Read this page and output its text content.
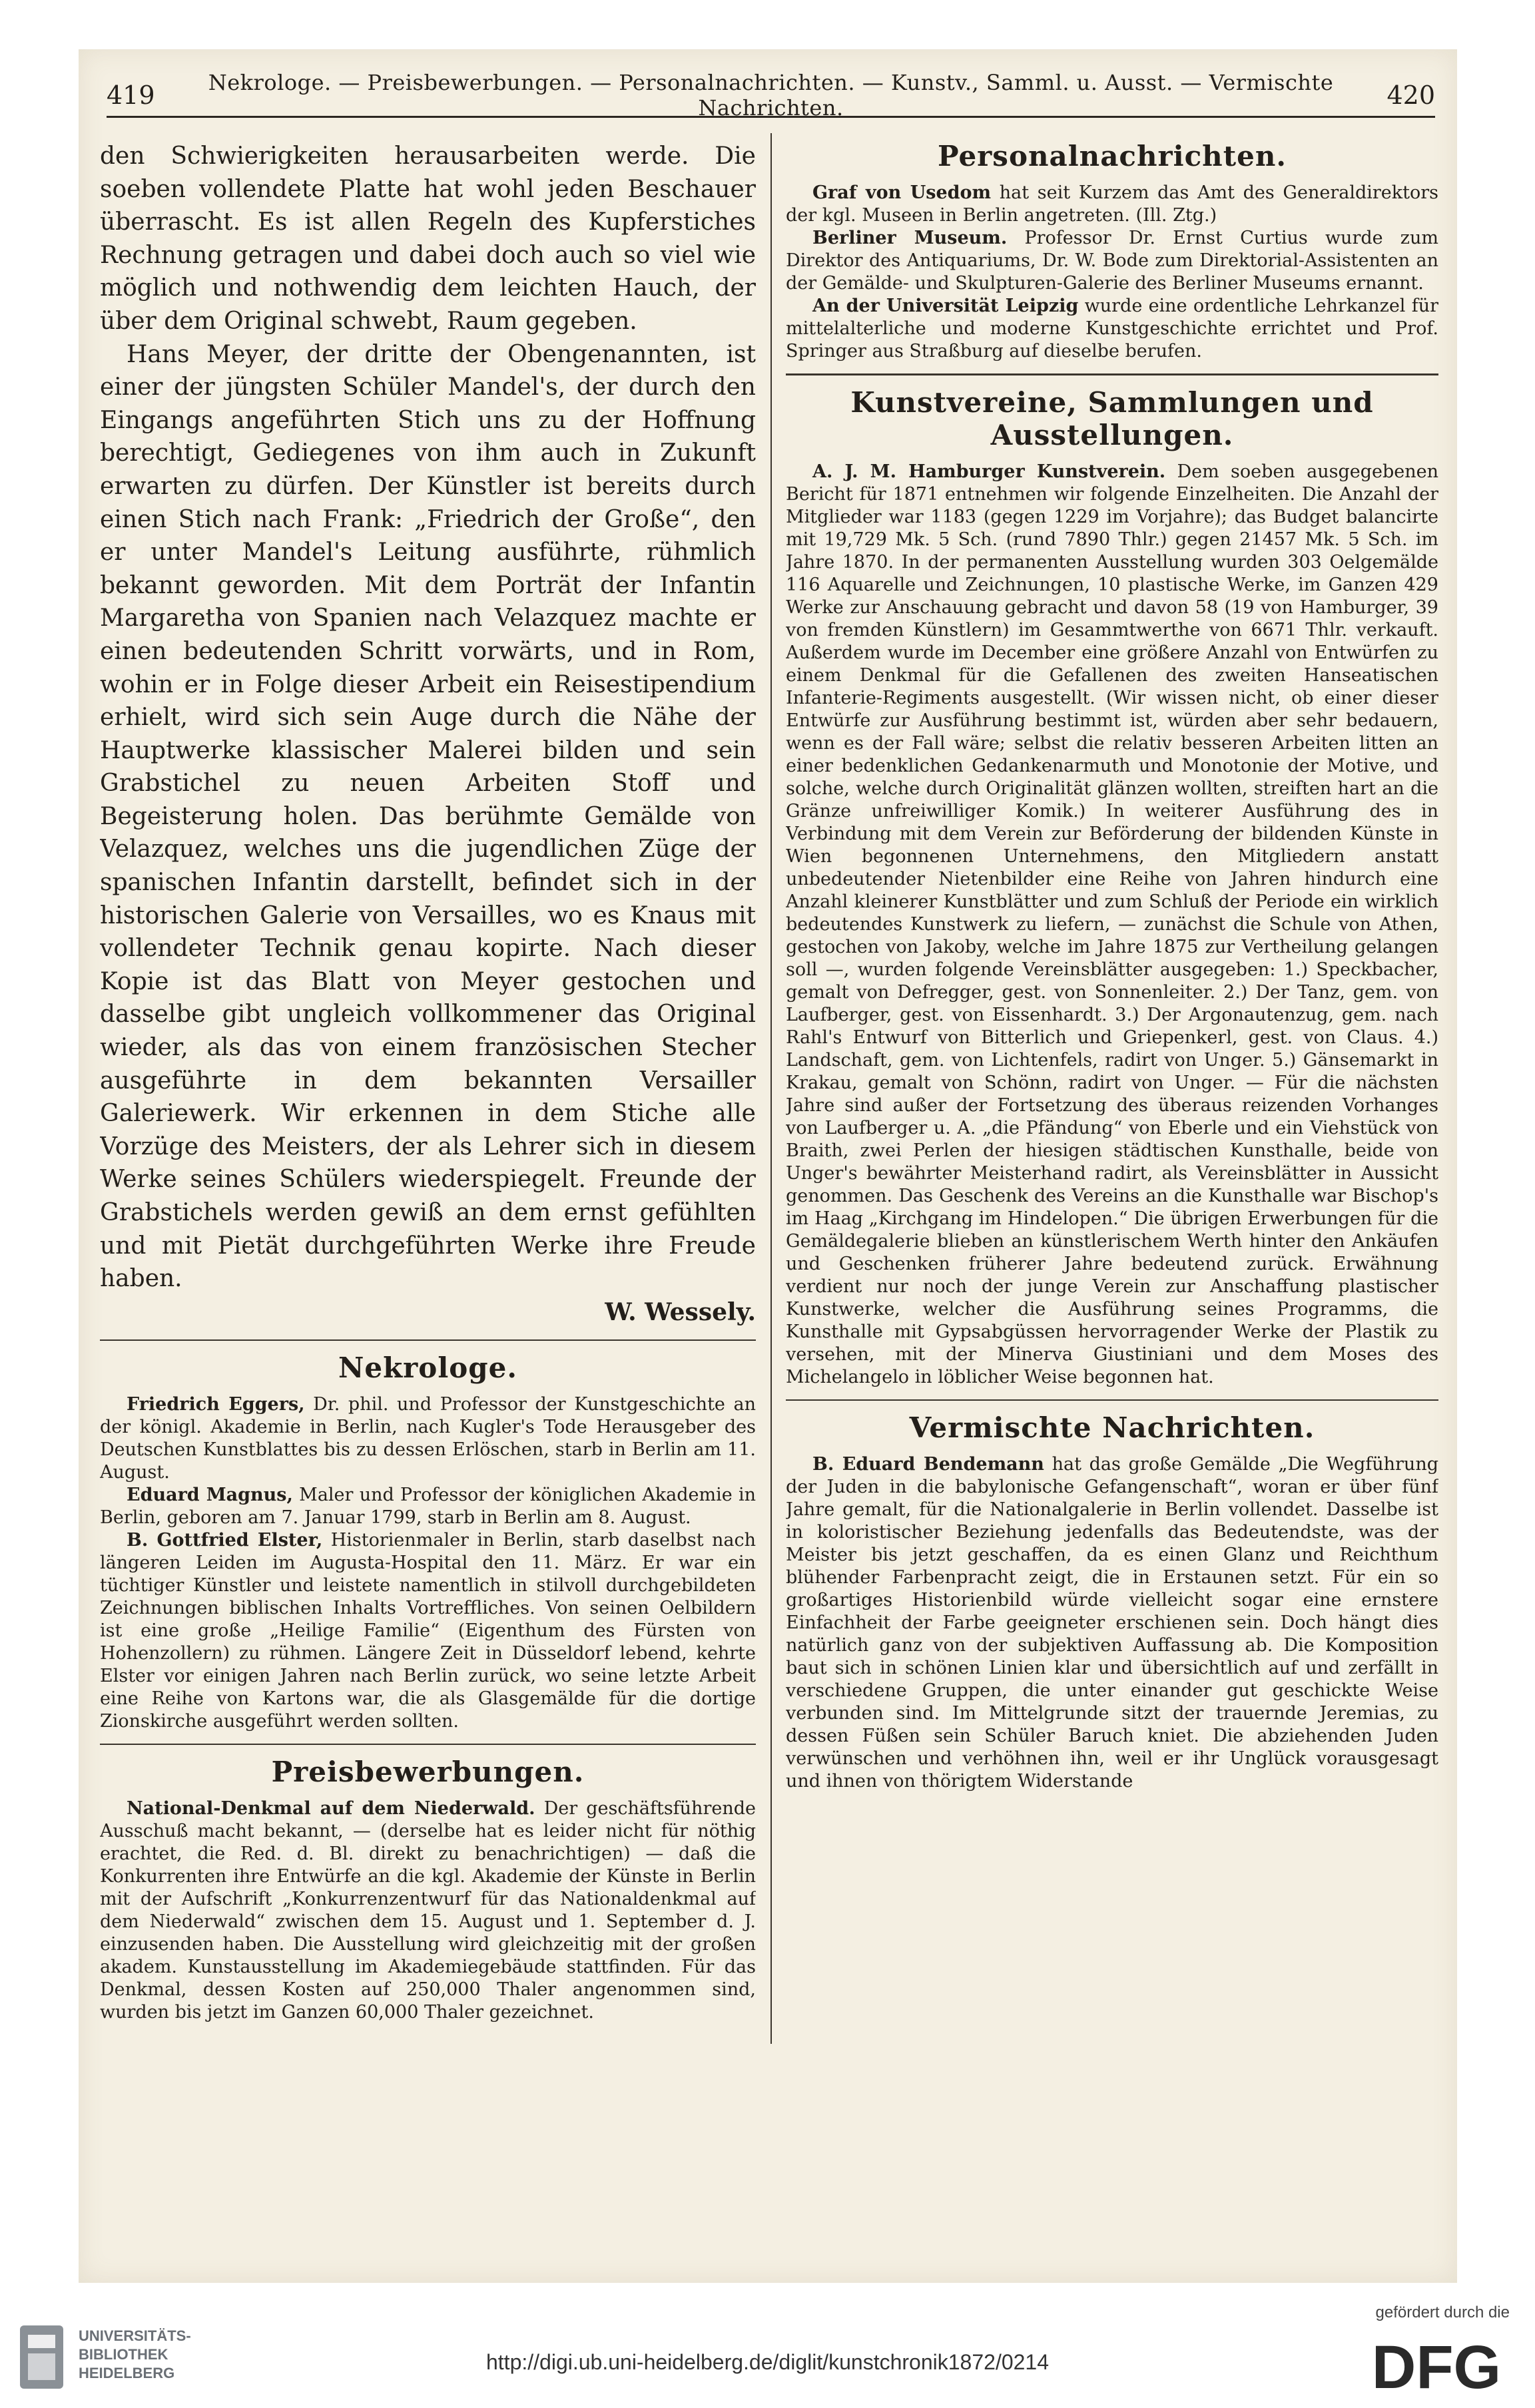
419	Nekrologe. — Preisbewerbungen. — Personalnachrichten. — Kunstv., Samml. u. Ausst. — Vermischte Nachrichten.	420

den Schwierigkeiten herausarbeiten werde. Die soeben vollendete Platte hat wohl jeden Beschauer überrascht. Es ist allen Regeln des Kupferstiches Rechnung getragen und dabei doch auch so viel wie möglich und nothwendig dem leichten Hauch, der über dem Original schwebt, Raum gegeben.

Hans Meyer, der dritte der Obengenannten, ist einer der jüngsten Schüler Mandel's, der durch den Eingangs angeführten Stich uns zu der Hoffnung berechtigt, Gediegenes von ihm auch in Zukunft erwarten zu dürfen. Der Künstler ist bereits durch einen Stich nach Frank: „Friedrich der Große“, den er unter Mandel's Leitung ausführte, rühmlich bekannt geworden. Mit dem Porträt der Infantin Margaretha von Spanien nach Velazquez machte er einen bedeutenden Schritt vorwärts, und in Rom, wohin er in Folge dieser Arbeit ein Reisestipendium erhielt, wird sich sein Auge durch die Nähe der Hauptwerke klassischer Malerei bilden und sein Grabstichel zu neuen Arbeiten Stoff und Begeisterung holen. Das berühmte Gemälde von Velazquez, welches uns die jugendlichen Züge der spanischen Infantin darstellt, befindet sich in der historischen Galerie von Versailles, wo es Knaus mit vollendeter Technik genau kopirte. Nach dieser Kopie ist das Blatt von Meyer gestochen und dasselbe gibt ungleich vollkommener das Original wieder, als das von einem französischen Stecher ausgeführte in dem bekannten Versailler Galeriewerk. Wir erkennen in dem Stiche alle Vorzüge des Meisters, der als Lehrer sich in diesem Werke seines Schülers wiederspiegelt. Freunde der Grabstichels werden gewiß an dem ernst gefühlten und mit Pietät durchgeführten Werke ihre Freude haben.

W. Wessely.

Nekrologe.

Friedrich Eggers, Dr. phil. und Professor der Kunstgeschichte an der königl. Akademie in Berlin, nach Kugler's Tode Herausgeber des Deutschen Kunstblattes bis zu dessen Erlöschen, starb in Berlin am 11. August.

Eduard Magnus, Maler und Professor der königlichen Akademie in Berlin, geboren am 7. Januar 1799, starb in Berlin am 8. August.

B. Gottfried Elster, Historienmaler in Berlin, starb daselbst nach längeren Leiden im Augusta-Hospital den 11. März. Er war ein tüchtiger Künstler und leistete namentlich in stilvoll durchgebildeten Zeichnungen biblischen Inhalts Vortreffliches. Von seinen Oelbildern ist eine große „Heilige Familie“ (Eigenthum des Fürsten von Hohenzollern) zu rühmen. Längere Zeit in Düsseldorf lebend, kehrte Elster vor einigen Jahren nach Berlin zurück, wo seine letzte Arbeit eine Reihe von Kartons war, die als Glasgemälde für die dortige Zionskirche ausgeführt werden sollten.

Preisbewerbungen.

National-Denkmal auf dem Niederwald. Der geschäftsführende Ausschuß macht bekannt, — (derselbe hat es leider nicht für nöthig erachtet, die Red. d. Bl. direkt zu benachrichtigen) — daß die Konkurrenten ihre Entwürfe an die kgl. Akademie der Künste in Berlin mit der Aufschrift „Konkurrenzentwurf für das Nationaldenkmal auf dem Niederwald“ zwischen dem 15. August und 1. September d. J. einzusenden haben. Die Ausstellung wird gleichzeitig mit der großen akadem. Kunstausstellung im Akademiegebäude stattfinden. Für das Denkmal, dessen Kosten auf 250,000 Thaler angenommen sind, wurden bis jetzt im Ganzen 60,000 Thaler gezeichnet.

Personalnachrichten.

Graf von Usedom hat seit Kurzem das Amt des Generaldirektors der kgl. Museen in Berlin angetreten. (Ill. Ztg.)

Berliner Museum. Professor Dr. Ernst Curtius wurde zum Direktor des Antiquariums, Dr. W. Bode zum Direktorial-Assistenten an der Gemälde- und Skulpturen-Galerie des Berliner Museums ernannt.

An der Universität Leipzig wurde eine ordentliche Lehrkanzel für mittelalterliche und moderne Kunstgeschichte errichtet und Prof. Springer aus Straßburg auf dieselbe berufen.

Kunstvereine, Sammlungen und Ausstellungen.

A. J. M. Hamburger Kunstverein. Dem soeben ausgegebenen Bericht für 1871 entnehmen wir folgende Einzelheiten. Die Anzahl der Mitglieder war 1183 (gegen 1229 im Vorjahre); das Budget balancirte mit 19,729 Mk. 5 Sch. (rund 7890 Thlr.) gegen 21457 Mk. 5 Sch. im Jahre 1870. In der permanenten Ausstellung wurden 303 Oelgemälde 116 Aquarelle und Zeichnungen, 10 plastische Werke, im Ganzen 429 Werke zur Anschauung gebracht und davon 58 (19 von Hamburger, 39 von fremden Künstlern) im Gesammtwerthe von 6671 Thlr. verkauft. Außerdem wurde im December eine größere Anzahl von Entwürfen zu einem Denkmal für die Gefallenen des zweiten Hanseatischen Infanterie-Regiments ausgestellt. (Wir wissen nicht, ob einer dieser Entwürfe zur Ausführung bestimmt ist, würden aber sehr bedauern, wenn es der Fall wäre; selbst die relativ besseren Arbeiten litten an einer bedenklichen Gedankenarmuth und Monotonie der Motive, und solche, welche durch Originalität glänzen wollten, streiften hart an die Gränze unfreiwilliger Komik.) In weiterer Ausführung des in Verbindung mit dem Verein zur Beförderung der bildenden Künste in Wien begonnenen Unternehmens, den Mitgliedern anstatt unbedeutender Nietenbilder eine Reihe von Jahren hindurch eine Anzahl kleinerer Kunstblätter und zum Schluß der Periode ein wirklich bedeutendes Kunstwerk zu liefern, — zunächst die Schule von Athen, gestochen von Jakoby, welche im Jahre 1875 zur Vertheilung gelangen soll —, wurden folgende Vereinsblätter ausgegeben: 1.) Speckbacher, gemalt von Defregger, gest. von Sonnenleiter. 2.) Der Tanz, gem. von Laufberger, gest. von Eissenhardt. 3.) Der Argonautenzug, gem. nach Rahl's Entwurf von Bitterlich und Griepenkerl, gest. von Claus. 4.) Landschaft, gem. von Lichtenfels, radirt von Unger. 5.) Gänsemarkt in Krakau, gemalt von Schönn, radirt von Unger. — Für die nächsten Jahre sind außer der Fortsetzung des überaus reizenden Vorhanges von Laufberger u. A. „die Pfändung“ von Eberle und ein Viehstück von Braith, zwei Perlen der hiesigen städtischen Kunsthalle, beide von Unger's bewährter Meisterhand radirt, als Vereinsblätter in Aussicht genommen. Das Geschenk des Vereins an die Kunsthalle war Bischop's im Haag „Kirchgang im Hindelopen.“ Die übrigen Erwerbungen für die Gemäldegalerie blieben an künstlerischem Werth hinter den Ankäufen und Geschenken früherer Jahre bedeutend zurück. Erwähnung verdient nur noch der junge Verein zur Anschaffung plastischer Kunstwerke, welcher die Ausführung seines Programms, die Kunsthalle mit Gypsabgüssen hervorragender Werke der Plastik zu versehen, mit der Minerva Giustiniani und dem Moses des Michelangelo in löblicher Weise begonnen hat.

Vermischte Nachrichten.

B. Eduard Bendemann hat das große Gemälde „Die Wegführung der Juden in die babylonische Gefangenschaft“, woran er über fünf Jahre gemalt, für die Nationalgalerie in Berlin vollendet. Dasselbe ist in koloristischer Beziehung jedenfalls das Bedeutendste, was der Meister bis jetzt geschaffen, da es einen Glanz und Reichthum blühender Farbenpracht zeigt, die in Erstaunen setzt. Für ein so großartiges Historienbild würde vielleicht sogar eine ernstere Einfachheit der Farbe geeigneter erschienen sein. Doch hängt dies natürlich ganz von der subjektiven Auffassung ab. Die Komposition baut sich in schönen Linien klar und übersichtlich auf und zerfällt in verschiedene Gruppen, die unter einander gut geschickte Weise verbunden sind. Im Mittelgrunde sitzt der trauernde Jeremias, zu dessen Füßen sein Schüler Baruch kniet. Die abziehenden Juden verwünschen und verhöhnen ihn, weil er ihr Unglück vorausgesagt und ihnen von thörigtem Widerstande

UNIVERSITÄTS-
BIBLIOTHEK
HEIDELBERG	http://digi.ub.uni-heidelberg.de/diglit/kunstchronik1872/0214
gefördert durch die
DFG
